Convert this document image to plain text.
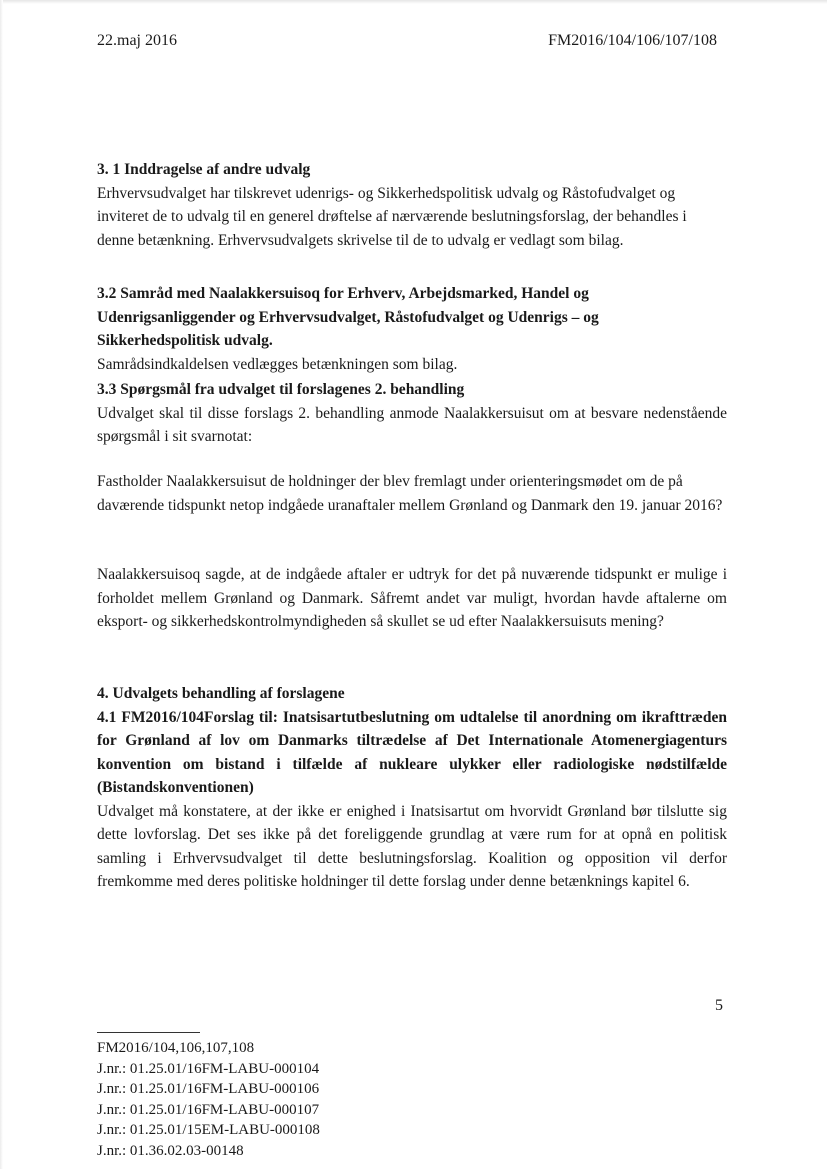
22.maj 2016	FM2016/104/106/107/108

3. 1 Inddragelse af andre udvalg

Erhvervsudvalget har tilskrevet udenrigs- og Sikkerhedspolitisk udvalg og Råstofudvalget og inviteret de to udvalg til en generel drøftelse af nærværende beslutningsforslag, der behandles i denne betænkning. Erhvervsudvalgets skrivelse til de to udvalg er vedlagt som bilag.

3.2 Samråd med Naalakkersuisoq for Erhverv, Arbejdsmarked, Handel og Udenrigsanliggender og Erhvervsudvalget, Råstofudvalget og Udenrigs – og Sikkerhedspolitisk udvalg.

Samrådsindkaldelsen vedlægges betænkningen som bilag.

3.3 Spørgsmål fra udvalget til forslagenes 2. behandling

Udvalget skal til disse forslags 2. behandling anmode Naalakkersuisut om at besvare nedenstående spørgsmål i sit svarnotat:

Fastholder Naalakkersuisut de holdninger der blev fremlagt under orienteringsmødet om de på daværende tidspunkt netop indgåede uranaftaler mellem Grønland og Danmark den 19. januar 2016?

Naalakkersuisoq sagde, at de indgåede aftaler er udtryk for det på nuværende tidspunkt er mulige i forholdet mellem Grønland og Danmark. Såfremt andet var muligt, hvordan havde aftalerne om eksport- og sikkerhedskontrolmyndigheden så skullet se ud efter Naalakkersuisuts mening?

4. Udvalgets behandling af forslagene

4.1 FM2016/104Forslag til: Inatsisartutbeslutning om udtalelse til anordning om ikrafttræden for Grønland af lov om Danmarks tiltrædelse af Det Internationale Atomenergiagenturs konvention om bistand i tilfælde af nukleare ulykker eller radiologiske nødstilfælde (Bistandskonventionen)

Udvalget må konstatere, at der ikke er enighed i Inatsisartut om hvorvidt Grønland bør tilslutte sig dette lovforslag. Det ses ikke på det foreliggende grundlag at være rum for at opnå en politisk samling i Erhvervsudvalget til dette beslutningsforslag. Koalition og opposition vil derfor fremkomme med deres politiske holdninger til dette forslag under denne betænknings kapitel 6.

5
FM2016/104,106,107,108
J.nr.: 01.25.01/16FM-LABU-000104
J.nr.: 01.25.01/16FM-LABU-000106
J.nr.: 01.25.01/16FM-LABU-000107
J.nr.: 01.25.01/15EM-LABU-000108
J.nr.: 01.36.02.03-00148
